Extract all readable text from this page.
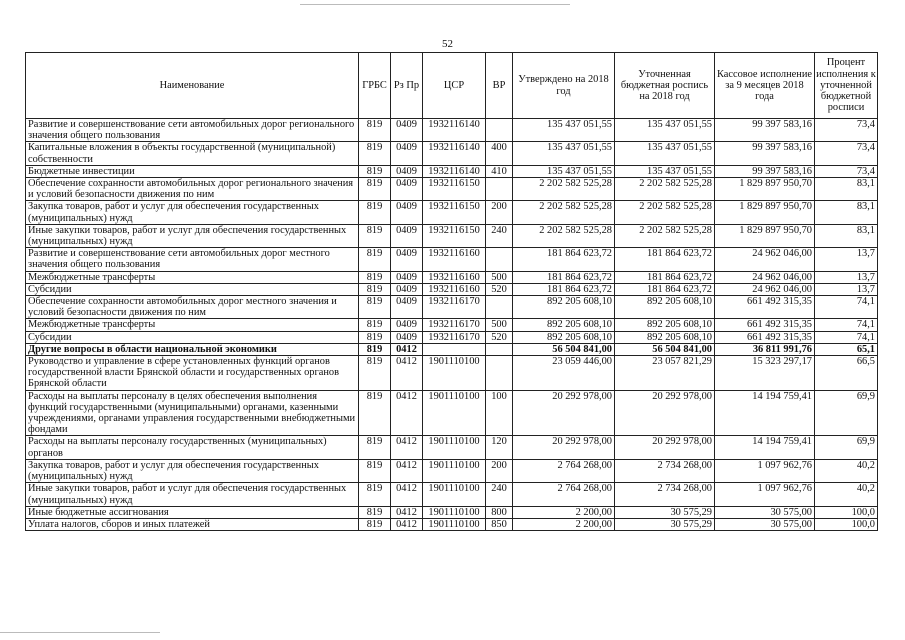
52
Наименование	ГРБС	Рз Пр	ЦСР	ВР	Утверждено на 2018 год	Уточненная бюджетная роспись на 2018 год	Кассовое исполнение за 9 месяцев 2018 года	Процент исполнения к уточненной бюджетной росписи
Развитие и совершенствование сети автомобильных дорог регионального значения общего пользования	819	0409	1932116140		135 437 051,55	135 437 051,55	99 397 583,16	73,4
Капитальные вложения в объекты государственной (муниципальной) собственности	819	0409	1932116140	400	135 437 051,55	135 437 051,55	99 397 583,16	73,4
Бюджетные инвестиции	819	0409	1932116140	410	135 437 051,55	135 437 051,55	99 397 583,16	73,4
Обеспечение сохранности автомобильных дорог регионального значения и условий безопасности движения по ним	819	0409	1932116150		2 202 582 525,28	2 202 582 525,28	1 829 897 950,70	83,1
Закупка товаров, работ и услуг для обеспечения государственных (муниципальных) нужд	819	0409	1932116150	200	2 202 582 525,28	2 202 582 525,28	1 829 897 950,70	83,1
Иные закупки товаров, работ и услуг для обеспечения государственных (муниципальных) нужд	819	0409	1932116150	240	2 202 582 525,28	2 202 582 525,28	1 829 897 950,70	83,1
Развитие и совершенствование сети автомобильных дорог местного значения общего пользования	819	0409	1932116160		181 864 623,72	181 864 623,72	24 962 046,00	13,7
Межбюджетные трансферты	819	0409	1932116160	500	181 864 623,72	181 864 623,72	24 962 046,00	13,7
Субсидии	819	0409	1932116160	520	181 864 623,72	181 864 623,72	24 962 046,00	13,7
Обеспечение сохранности автомобильных дорог местного значения и условий безопасности движения по ним	819	0409	1932116170		892 205 608,10	892 205 608,10	661 492 315,35	74,1
Межбюджетные трансферты	819	0409	1932116170	500	892 205 608,10	892 205 608,10	661 492 315,35	74,1
Субсидии	819	0409	1932116170	520	892 205 608,10	892 205 608,10	661 492 315,35	74,1
Другие вопросы в области национальной экономики	819	0412			56 504 841,00	56 504 841,00	36 811 991,76	65,1
Руководство и управление в сфере установленных функций органов государственной власти Брянской области и государственных органов Брянской области	819	0412	1901110100		23 059 446,00	23 057 821,29	15 323 297,17	66,5
Расходы на выплаты персоналу в целях обеспечения выполнения функций государственными (муниципальными) органами, казенными учреждениями, органами управления государственными внебюджетными фондами	819	0412	1901110100	100	20 292 978,00	20 292 978,00	14 194 759,41	69,9
Расходы на выплаты персоналу государственных (муниципальных) органов	819	0412	1901110100	120	20 292 978,00	20 292 978,00	14 194 759,41	69,9
Закупка товаров, работ и услуг для обеспечения государственных (муниципальных) нужд	819	0412	1901110100	200	2 764 268,00	2 734 268,00	1 097 962,76	40,2
Иные закупки товаров, работ и услуг для обеспечения государственных (муниципальных) нужд	819	0412	1901110100	240	2 764 268,00	2 734 268,00	1 097 962,76	40,2
Иные бюджетные ассигнования	819	0412	1901110100	800	2 200,00	30 575,29	30 575,00	100,0
Уплата налогов, сборов и иных платежей	819	0412	1901110100	850	2 200,00	30 575,29	30 575,00	100,0
